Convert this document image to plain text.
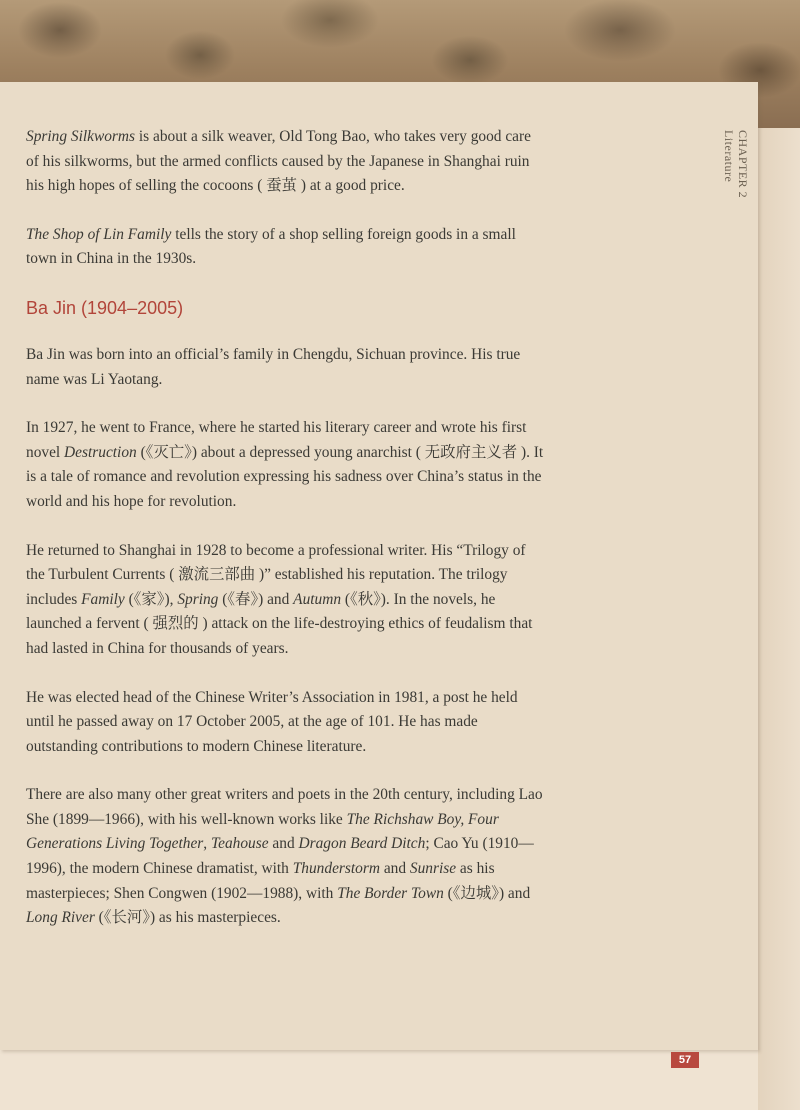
CHAPTER 2
Literature

Spring Silkworms is about a silk weaver, Old Tong Bao, who takes very good care of his silkworms, but the armed conflicts caused by the Japanese in Shanghai ruin his high hopes of selling the cocoons ( 蚕茧 ) at a good price.

The Shop of Lin Family tells the story of a shop selling foreign goods in a small town in China in the 1930s.

Ba Jin (1904–2005)

Ba Jin was born into an official’s family in Chengdu, Sichuan province. His true name was Li Yaotang.

In 1927, he went to France, where he started his literary career and wrote his first novel Destruction (《灭亡》) about a depressed young anarchist ( 无政府主义者 ). It is a tale of romance and revolution expressing his sadness over China’s status in the world and his hope for revolution.

He returned to Shanghai in 1928 to become a professional writer. His “Trilogy of the Turbulent Currents ( 激流三部曲 )” established his reputation. The trilogy includes Family (《家》), Spring (《春》) and Autumn (《秋》). In the novels, he launched a fervent ( 强烈的 ) attack on the life-destroying ethics of feudalism that had lasted in China for thousands of years.

He was elected head of the Chinese Writer’s Association in 1981, a post he held until he passed away on 17 October 2005, at the age of 101. He has made outstanding contributions to modern Chinese literature.

There are also many other great writers and poets in the 20th century, including Lao She (1899—1966), with his well-known works like The Richshaw Boy, Four Generations Living Together, Teahouse and Dragon Beard Ditch; Cao Yu (1910—1996), the modern Chinese dramatist, with Thunderstorm and Sunrise as his masterpieces; Shen Congwen (1902—1988), with The Border Town (《边城》) and Long River (《长河》) as his masterpieces.

57
